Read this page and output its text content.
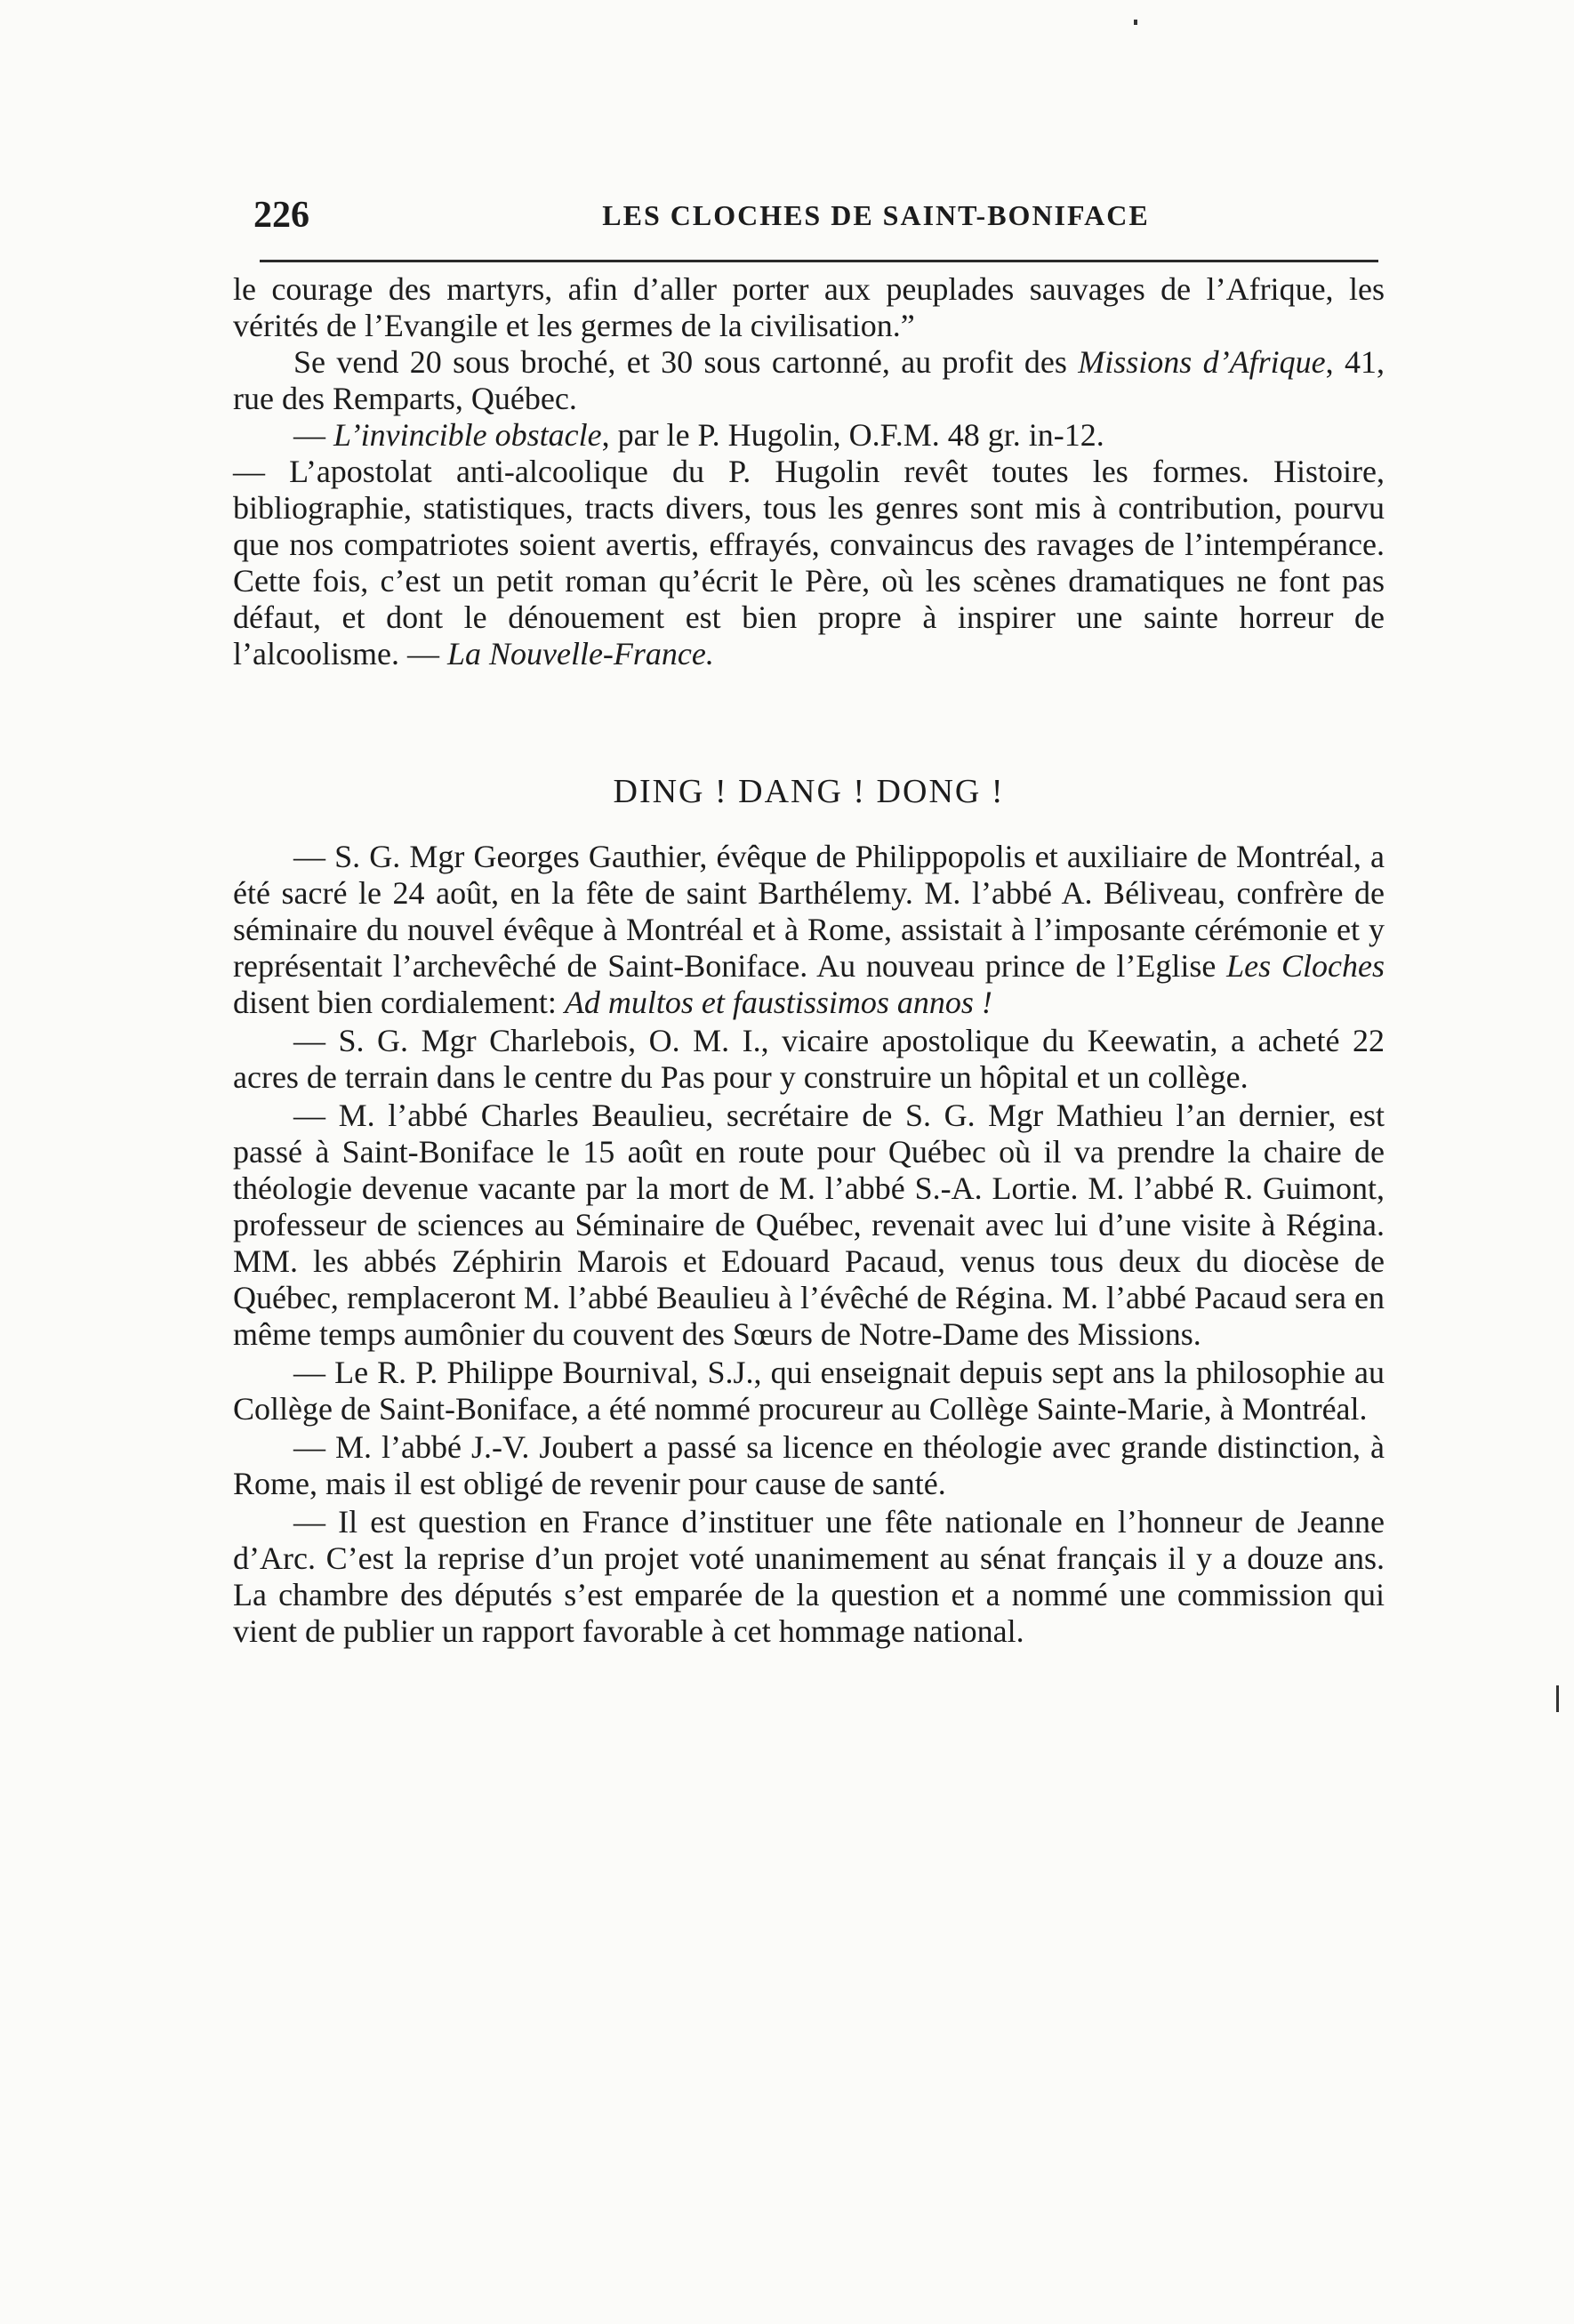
226	LES CLOCHES DE SAINT-BONIFACE

le courage des martyrs, afin d’aller porter aux peuplades sauvages de l’Afrique, les vérités de l’Evangile et les germes de la civilisation.”

Se vend 20 sous broché, et 30 sous cartonné, au profit des Missions d’Afrique, 41, rue des Remparts, Québec.

— L’invincible obstacle, par le P. Hugolin, O.F.M. 48 gr. in-12.

— L’apostolat anti-alcoolique du P. Hugolin revêt toutes les formes. Histoire, bibliographie, statistiques, tracts divers, tous les genres sont mis à contribution, pourvu que nos compatriotes soient avertis, effrayés, convaincus des ravages de l’intempérance. Cette fois, c’est un petit roman qu’écrit le Père, où les scènes dramatiques ne font pas défaut, et dont le dénouement est bien propre à inspirer une sainte horreur de l’alcoolisme. — La Nouvelle-France.

DING ! DANG ! DONG !

— S. G. Mgr Georges Gauthier, évêque de Philippopolis et auxiliaire de Montréal, a été sacré le 24 août, en la fête de saint Barthélemy. M. l’abbé A. Béliveau, confrère de séminaire du nouvel évêque à Montréal et à Rome, assistait à l’imposante cérémonie et y représentait l’archevêché de Saint-Boniface. Au nouveau prince de l’Eglise Les Cloches disent bien cordialement: Ad multos et faustissimos annos !

— S. G. Mgr Charlebois, O. M. I., vicaire apostolique du Keewatin, a acheté 22 acres de terrain dans le centre du Pas pour y construire un hôpital et un collège.

— M. l’abbé Charles Beaulieu, secrétaire de S. G. Mgr Mathieu l’an dernier, est passé à Saint-Boniface le 15 août en route pour Québec où il va prendre la chaire de théologie devenue vacante par la mort de M. l’abbé S.-A. Lortie. M. l’abbé R. Guimont, professeur de sciences au Séminaire de Québec, revenait avec lui d’une visite à Régina. MM. les abbés Zéphirin Marois et Edouard Pacaud, venus tous deux du diocèse de Québec, remplaceront M. l’abbé Beaulieu à l’évêché de Régina. M. l’abbé Pacaud sera en même temps aumônier du couvent des Sœurs de Notre-Dame des Missions.

— Le R. P. Philippe Bournival, S.J., qui enseignait depuis sept ans la philosophie au Collège de Saint-Boniface, a été nommé procureur au Collège Sainte-Marie, à Montréal.

— M. l’abbé J.-V. Joubert a passé sa licence en théologie avec grande distinction, à Rome, mais il est obligé de revenir pour cause de santé.

— Il est question en France d’instituer une fête nationale en l’honneur de Jeanne d’Arc. C’est la reprise d’un projet voté unanimement au sénat français il y a douze ans. La chambre des députés s’est emparée de la question et a nommé une commission qui vient de publier un rapport favorable à cet hommage national.
